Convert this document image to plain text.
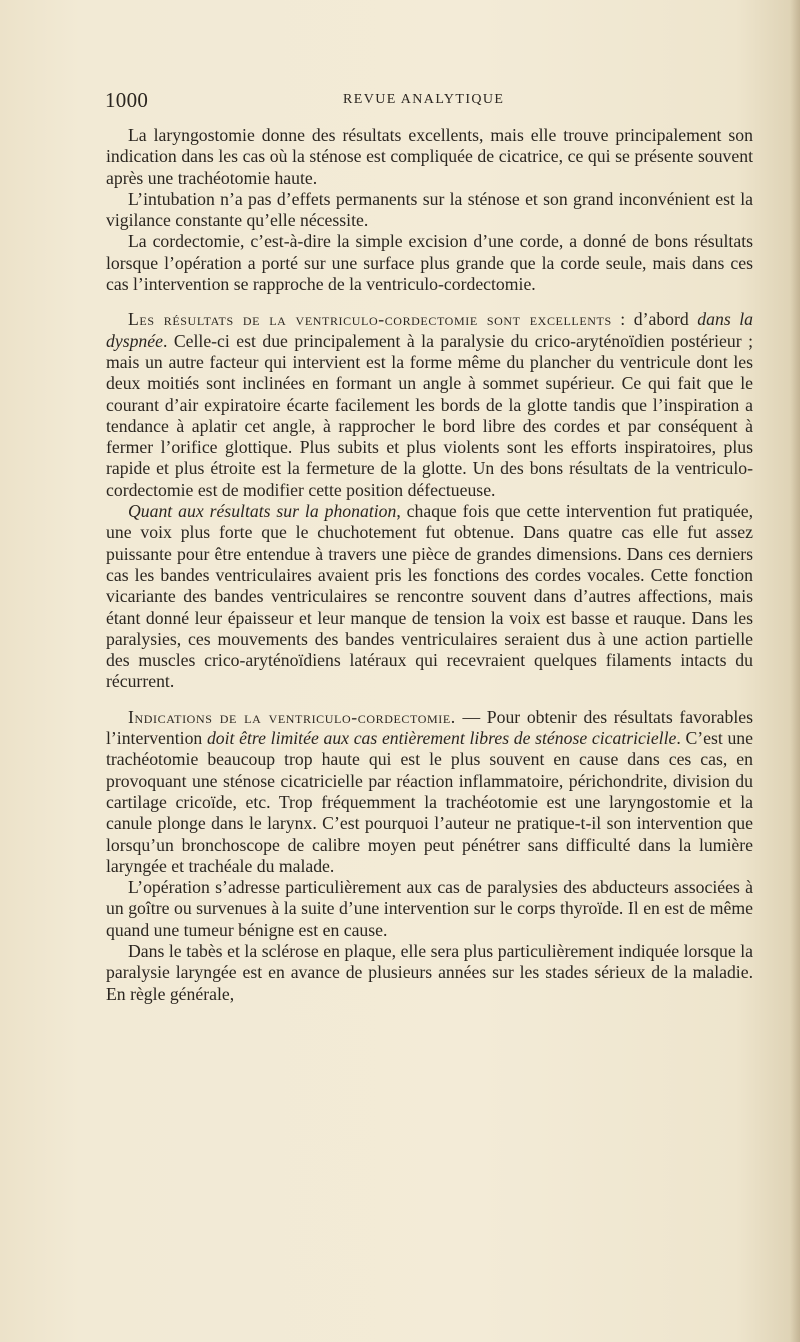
1000	REVUE ANALYTIQUE

La laryngostomie donne des résultats excellents, mais elle trouve principalement son indication dans les cas où la sténose est compliquée de cicatrice, ce qui se présente souvent après une trachéotomie haute.

L’intubation n’a pas d’effets permanents sur la sténose et son grand inconvénient est la vigilance constante qu’elle nécessite.

La cordectomie, c’est-à-dire la simple excision d’une corde, a donné de bons résultats lorsque l’opération a porté sur une surface plus grande que la corde seule, mais dans ces cas l’intervention se rapproche de la ventriculo-cordectomie.

Les résultats de la ventriculo-cordectomie sont excellents : d’abord dans la dyspnée. Celle-ci est due principalement à la paralysie du crico-aryténoïdien postérieur ; mais un autre facteur qui intervient est la forme même du plancher du ventricule dont les deux moitiés sont inclinées en formant un angle à sommet supérieur. Ce qui fait que le courant d’air expiratoire écarte facilement les bords de la glotte tandis que l’inspiration a tendance à aplatir cet angle, à rapprocher le bord libre des cordes et par conséquent à fermer l’orifice glottique. Plus subits et plus violents sont les efforts inspiratoires, plus rapide et plus étroite est la fermeture de la glotte. Un des bons résultats de la ventriculo-cordectomie est de modifier cette position défectueuse.

Quant aux résultats sur la phonation, chaque fois que cette intervention fut pratiquée, une voix plus forte que le chuchotement fut obtenue. Dans quatre cas elle fut assez puissante pour être entendue à travers une pièce de grandes dimensions. Dans ces derniers cas les bandes ventriculaires avaient pris les fonctions des cordes vocales. Cette fonction vicariante des bandes ventriculaires se rencontre souvent dans d’autres affections, mais étant donné leur épaisseur et leur manque de tension la voix est basse et rauque. Dans les paralysies, ces mouvements des bandes ventriculaires seraient dus à une action partielle des muscles crico-aryténoïdiens latéraux qui recevraient quelques filaments intacts du récurrent.

Indications de la ventriculo-cordectomie. — Pour obtenir des résultats favorables l’intervention doit être limitée aux cas entièrement libres de sténose cicatricielle. C’est une trachéotomie beaucoup trop haute qui est le plus souvent en cause dans ces cas, en provoquant une sténose cicatricielle par réaction inflammatoire, périchondrite, division du cartilage cricoïde, etc. Trop fréquemment la trachéotomie est une laryngostomie et la canule plonge dans le larynx. C’est pourquoi l’auteur ne pratique-t-il son intervention que lorsqu’un bronchoscope de calibre moyen peut pénétrer sans difficulté dans la lumière laryngée et trachéale du malade.

L’opération s’adresse particulièrement aux cas de paralysies des abducteurs associées à un goître ou survenues à la suite d’une intervention sur le corps thyroïde. Il en est de même quand une tumeur bénigne est en cause.

Dans le tabès et la sclérose en plaque, elle sera plus particulièrement indiquée lorsque la paralysie laryngée est en avance de plusieurs années sur les stades sérieux de la maladie. En règle générale,
